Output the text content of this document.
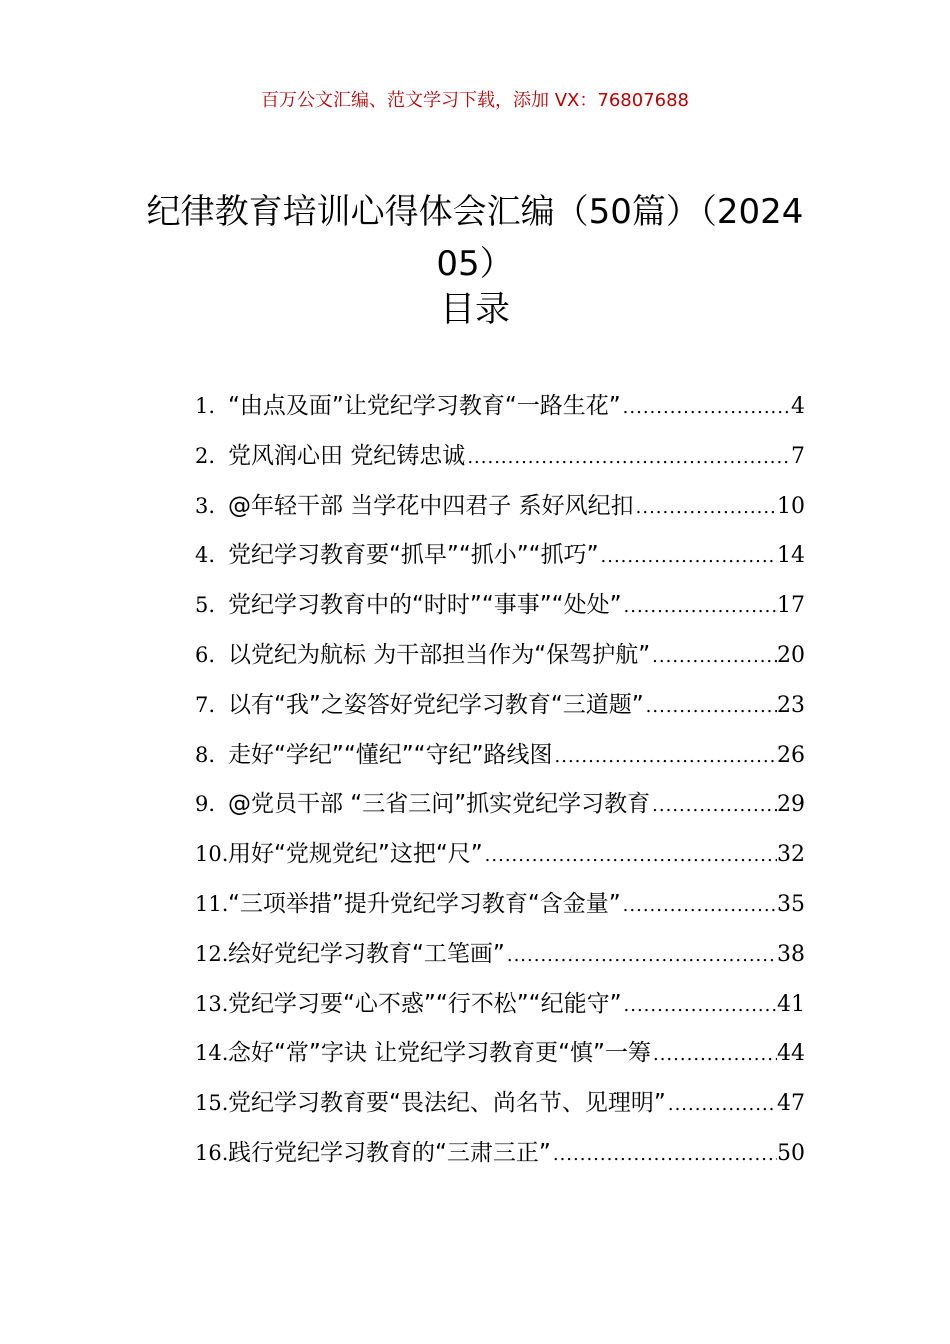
百万公文汇编、范文学习下载，添加 VX：76807688
纪律教育培训心得体会汇编（50篇）（202405）
目录
1. “由点及面”让党纪学习教育“一路生花” .....	4
2. 党风润心田 党纪铸忠诚 .....	7
3. @年轻干部 当学花中四君子 系好风纪扣 .....	10
4. 党纪学习教育要“抓早”“抓小”“抓巧” .....	14
5. 党纪学习教育中的“时时”“事事”“处处” .....	17
6. 以党纪为航标 为干部担当作为“保驾护航” .....	20
7. 以有“我”之姿答好党纪学习教育“三道题” .....	23
8. 走好“学纪”“懂纪”“守纪”路线图 .....	26
9. @党员干部 “三省三问”抓实党纪学习教育 .....	29
10. 用好“党规党纪”这把“尺” .....	32
11. “三项举措”提升党纪学习教育“含金量” .....	35
12. 绘好党纪学习教育“工笔画” .....	38
13. 党纪学习要“心不惑”“行不松”“纪能守” .....	41
14. 念好“常”字诀 让党纪学习教育更“慎”一筹 .....	44
15. 党纪学习教育要“畏法纪、尚名节、见理明” .....	47
16. 践行党纪学习教育的“三肃三正” .....	50
